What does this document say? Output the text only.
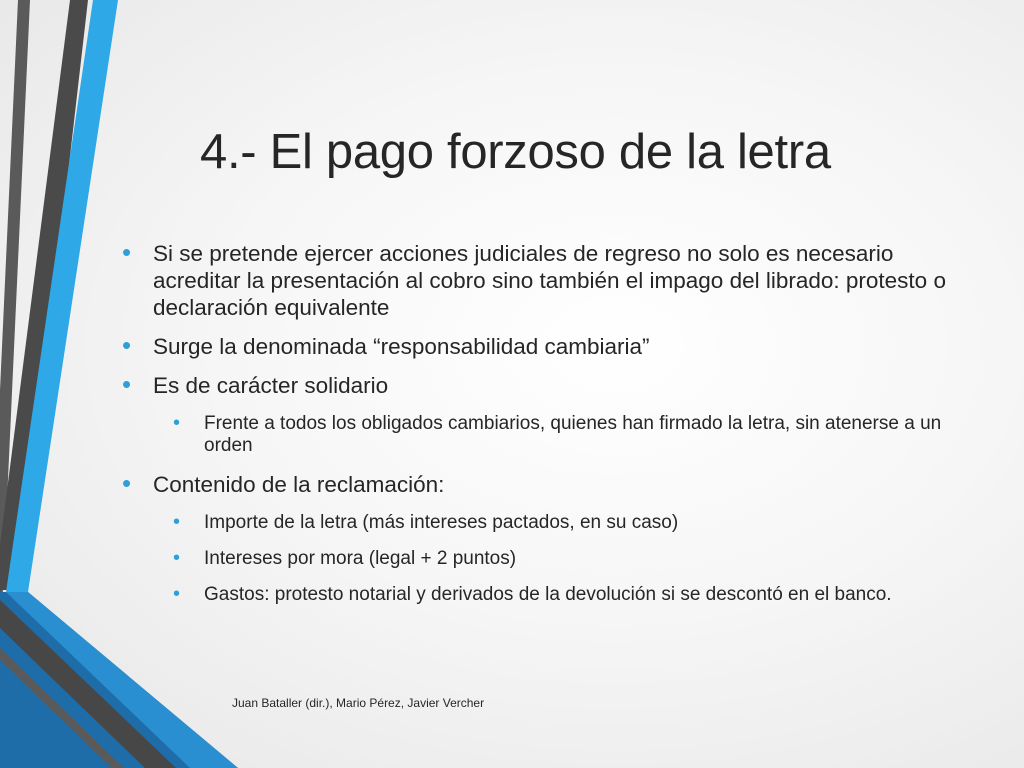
4.- El pago forzoso de la letra
• Si se pretende ejercer acciones judiciales de regreso no solo es necesario acreditar la presentación al cobro sino también el impago del librado: protesto o declaración equivalente
• Surge la denominada “responsabilidad cambiaria”
• Es de carácter solidario
• Frente a todos los obligados cambiarios, quienes han firmado la letra, sin atenerse a un orden
• Contenido de la reclamación:
• Importe de la letra (más intereses pactados, en su caso)
• Intereses por mora (legal + 2 puntos)
• Gastos: protesto notarial y derivados de la devolución si se descontó en el banco.
Juan Bataller (dir.), Mario Pérez, Javier Vercher
